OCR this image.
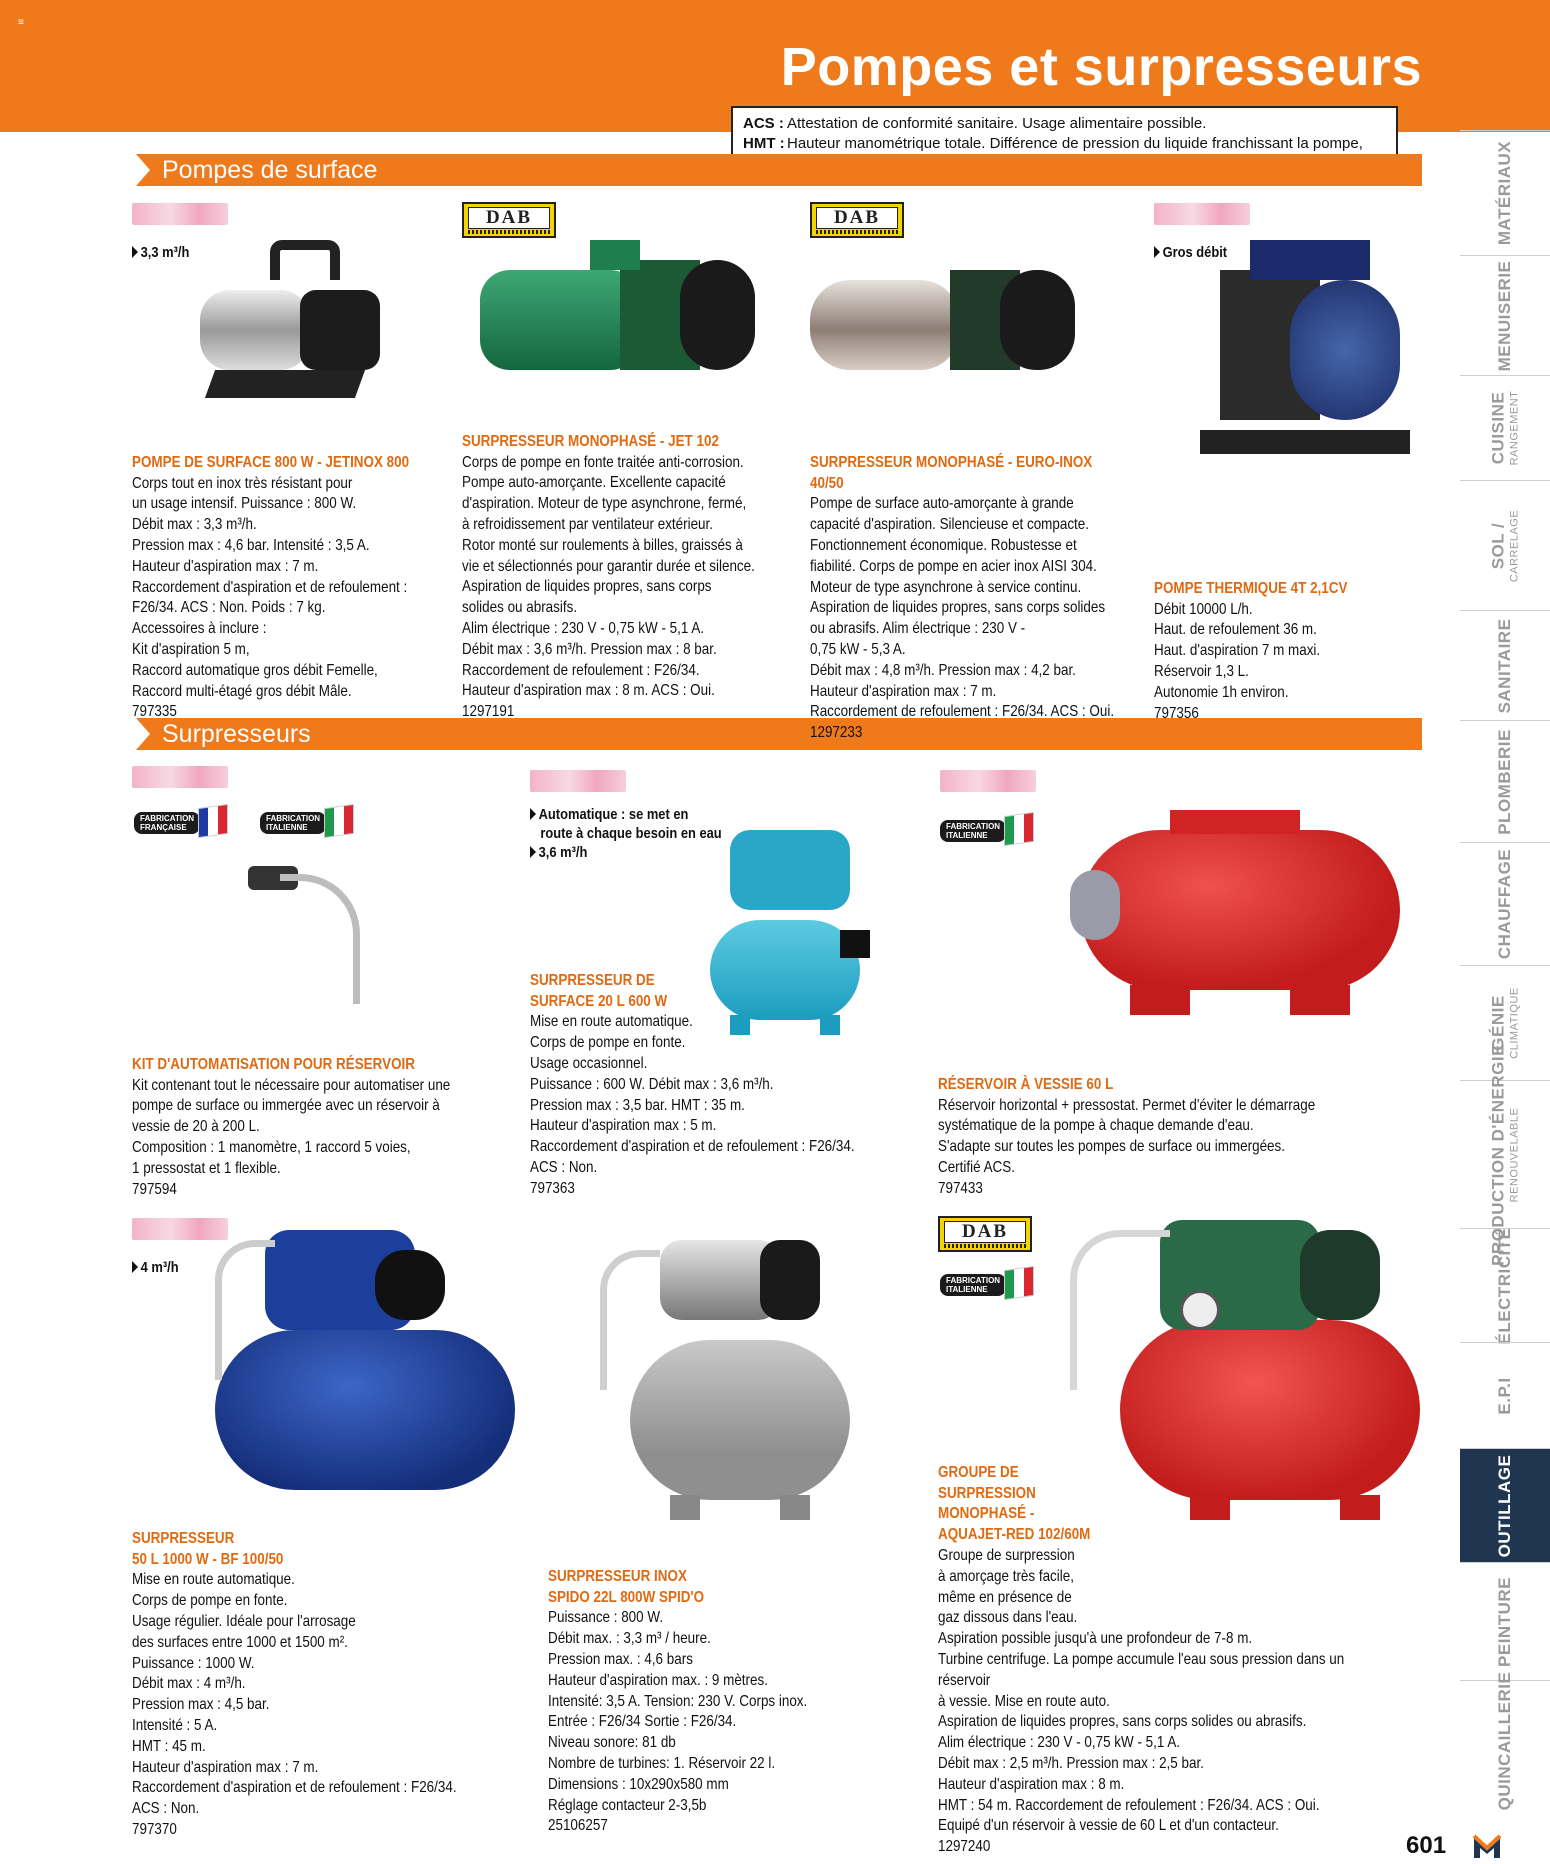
≡
Pompes et surpresseurs
ACS : Attestation de conformité sanitaire. Usage alimentaire possible.
HMT : Hauteur manométrique totale. Différence de pression du liquide franchissant la pompe,
Pompes de surface
Surpresseurs
3,3 m³/h

POMPE DE SURFACE 800 W - JETINOX 800
Corps tout en inox très résistant pour
un usage intensif. Puissance : 800 W.
Débit max : 3,3 m³/h.
Pression max : 4,6 bar. Intensité : 3,5 A.
Hauteur d'aspiration max : 7 m.
Raccordement d'aspiration et de refoulement :
F26/34. ACS : Non. Poids : 7 kg.
Accessoires à inclure :
Kit d'aspiration 5 m,
Raccord automatique gros débit Femelle,
Raccord multi-étagé gros débit Mâle.
797335

DAB

SURPRESSEUR MONOPHASÉ - JET 102
Corps de pompe en fonte traitée anti-corrosion.
Pompe auto-amorçante. Excellente capacité
d'aspiration. Moteur de type asynchrone, fermé,
à refroidissement par ventilateur extérieur.
Rotor monté sur roulements à billes, graissés à
vie et sélectionnés pour garantir durée et silence.
Aspiration de liquides propres, sans corps
solides ou abrasifs.
Alim électrique : 230 V - 0,75 kW - 5,1 A.
Débit max : 3,6 m³/h. Pression max : 8 bar.
Raccordement de refoulement : F26/34.
Hauteur d'aspiration max : 8 m. ACS : Oui.
1297191

DAB

SURPRESSEUR MONOPHASÉ - EURO-INOX 40/50
Pompe de surface auto-amorçante à grande
capacité d'aspiration. Silencieuse et compacte.
Fonctionnement économique. Robustesse et
fiabilité. Corps de pompe en acier inox AISI 304.
Moteur de type asynchrone à service continu.
Aspiration de liquides propres, sans corps solides
ou abrasifs. Alim électrique : 230 V -
0,75 kW - 5,3 A.
Débit max : 4,8 m³/h. Pression max : 4,2 bar.
Hauteur d'aspiration max : 7 m.
Raccordement de refoulement : F26/34. ACS : Oui.
1297233

Gros débit

POMPE THERMIQUE 4T 2,1CV
Débit 10000 L/h.
Haut. de refoulement 36 m.
Haut. d'aspiration 7 m maxi.
Réservoir 1,3 L.
Autonomie 1h environ.
797356

FABRICATION FRANÇAISE
FABRICATION ITALIENNE

KIT D'AUTOMATISATION POUR RÉSERVOIR
Kit contenant tout le nécessaire pour automatiser une
pompe de surface ou immergée avec un réservoir à
vessie de 20 à 200 L.
Composition : 1 manomètre, 1 raccord 5 voies,
1 pressostat et 1 flexible.
797594

Automatique : se met en
route à chaque besoin en eau
3,6 m³/h

SURPRESSEUR DE
SURFACE 20 L 600 W
Mise en route automatique.
Corps de pompe en fonte.
Usage occasionnel.
Puissance : 600 W. Débit max : 3,6 m³/h.
Pression max : 3,5 bar. HMT : 35 m.
Hauteur d'aspiration max : 5 m.
Raccordement d'aspiration et de refoulement : F26/34.
ACS : Non.
797363

FABRICATION ITALIENNE

RÉSERVOIR À VESSIE 60 L
Réservoir horizontal + pressostat. Permet d'éviter le démarrage
systématique de la pompe à chaque demande d'eau.
S'adapte sur toutes les pompes de surface ou immergées.
Certifié ACS.
797433

4 m³/h

SURPRESSEUR
50 L 1000 W - BF 100/50
Mise en route automatique.
Corps de pompe en fonte.
Usage régulier. Idéale pour l'arrosage
des surfaces entre 1000 et 1500 m².
Puissance : 1000 W.
Débit max : 4 m³/h.
Pression max : 4,5 bar.
Intensité : 5 A.
HMT : 45 m.
Hauteur d'aspiration max : 7 m.
Raccordement d'aspiration et de refoulement : F26/34.
ACS : Non.
797370

SURPRESSEUR INOX
SPIDO 22L 800W SPID'O
Puissance : 800 W.
Débit max. : 3,3 m³ / heure.
Pression max. : 4,6 bars
Hauteur d'aspiration max. : 9 mètres.
Intensité: 3,5 A. Tension: 230 V. Corps inox.
Entrée : F26/34 Sortie : F26/34.
Niveau sonore: 81 db
Nombre de turbines: 1. Réservoir 22 l.
Dimensions : 10x290x580 mm
Réglage contacteur 2-3,5b
25106257

DAB
FABRICATION ITALIENNE

GROUPE DE
SURPRESSION
MONOPHASÉ -
AQUAJET-RED 102/60M
Groupe de surpression
à amorçage très facile,
même en présence de
gaz dissous dans l'eau.
Aspiration possible jusqu'à une profondeur de 7-8 m.
Turbine centrifuge. La pompe accumule l'eau sous pression dans un réservoir
à vessie. Mise en route auto.
Aspiration de liquides propres, sans corps solides ou abrasifs.
Alim électrique : 230 V - 0,75 kW - 5,1 A.
Débit max : 2,5 m³/h. Pression max : 2,5 bar.
Hauteur d'aspiration max : 8 m.
HMT : 54 m. Raccordement de refoulement : F26/34. ACS : Oui.
Equipé d'un réservoir à vessie de 60 L et d'un contacteur.
1297240

MATÉRIAUX
MENUISERIE
CUISINE RANGEMENT
SOL / CARRELAGE
SANITAIRE
PLOMBERIE
CHAUFFAGE
GÉNIE CLIMATIQUE
PRODUCTION D'ÉNERGIE RENOUVELABLE
ÉLECTRICITÉ
E.P.I
OUTILLAGE
PEINTURE
QUINCAILLERIE
601
